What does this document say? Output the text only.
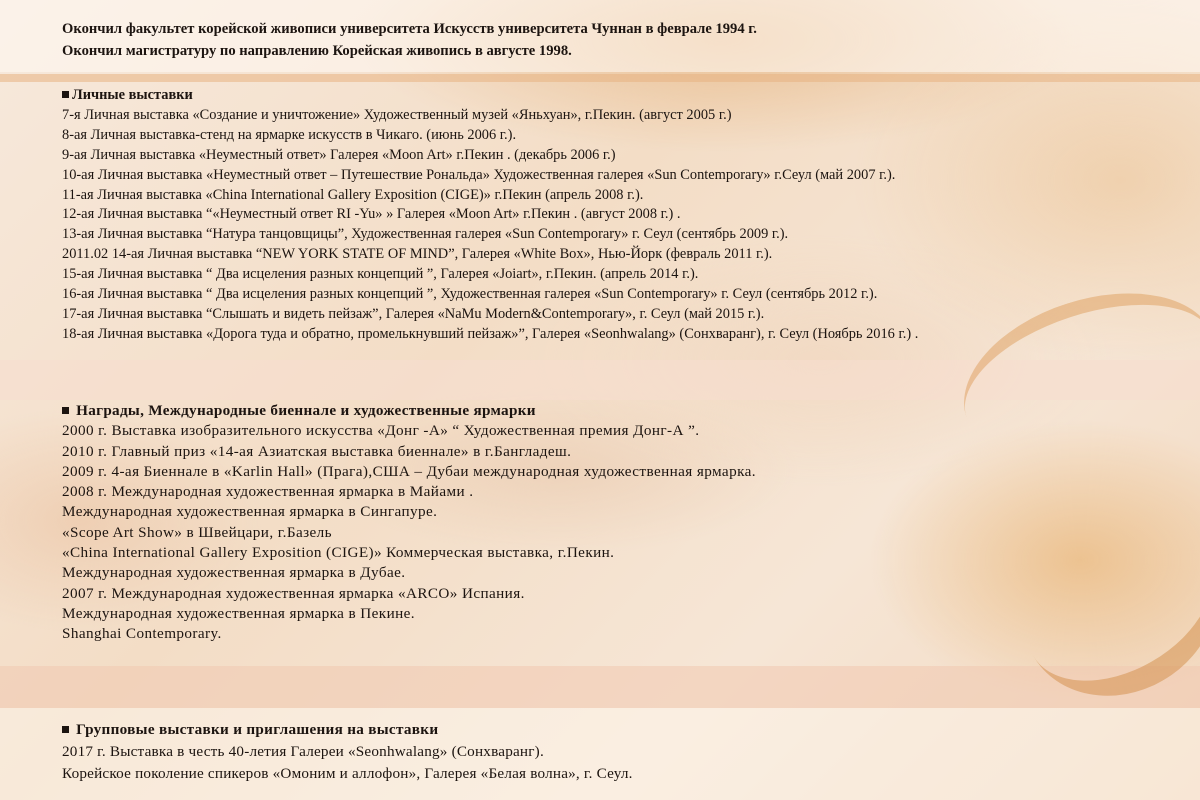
Окончил факультет корейской живописи университета Искусств университета Чуннан в феврале 1994 г.
Окончил магистратуру по направлению Корейская живопись в августе 1998.
Личные выставки
7-я Личная выставка «Создание и уничтожение» Художественный музей «Яньхуан», г.Пекин. (август 2005 г.)
8-ая Личная выставка-стенд на ярмарке искусств в Чикаго. (июнь 2006 г.).
9-ая Личная выставка «Неуместный ответ» Галерея «Moon Art» г.Пекин . (декабрь 2006 г.)
10-ая Личная выставка «Неуместный ответ – Путешествие Рональда» Художественная галерея «Sun Contemporary» г.Сеул (май 2007 г.).
11-ая Личная выставка «China International Gallery Exposition (CIGE)» г.Пекин (апрель 2008 г.).
12-ая Личная выставка “«Неуместный ответ RI -Yu» » Галерея «Moon Art» г.Пекин . (август 2008 г.) .
13-ая Личная выставка “Натура танцовщицы”, Художественная галерея «Sun Contemporary» г. Сеул (сентябрь 2009 г.).
2011.02 14-ая Личная выставка “NEW YORK STATE OF MIND”, Галерея «White Box», Нью-Йорк (февраль 2011 г.).
15-ая Личная выставка “ Два исцеления разных концепций ”, Галерея «Joiart», г.Пекин. (апрель 2014 г.).
16-ая Личная выставка “ Два исцеления разных концепций ”, Художественная галерея «Sun Contemporary» г. Сеул (сентябрь 2012 г.).
17-ая Личная выставка “Слышать и видеть пейзаж”, Галерея «NaMu Modern&Contemporary», г. Сеул (май 2015 г.).
18-ая Личная выставка «Дорога туда и обратно, промелькнувший пейзаж»”, Галерея «Seonhwalang» (Сонхваранг), г. Сеул (Ноябрь 2016 г.) .
Награды, Международные биеннале и художественные ярмарки
2000 г. Выставка изобразительного искусства «Донг -А» “ Художественная премия Донг-А ”.
2010 г. Главный приз «14-ая Азиатская выставка биеннале» в г.Бангладеш.
2009 г. 4-ая Биеннале в «Karlin Hall» (Прага),США – Дубаи международная художественная ярмарка.
2008 г. Международная художественная ярмарка в Майами .
Международная художественная ярмарка в Сингапуре.
«Scope Art Show» в Швейцари, г.Базель
«China International Gallery Exposition (CIGE)» Коммерческая выставка, г.Пекин.
Международная художественная ярмарка в Дубае.
2007 г. Международная художественная ярмарка «ARCO» Испания.
Международная художественная ярмарка в Пекине.
Shanghai Contemporary.
Групповые выставки и приглашения на выставки
2017 г. Выставка в честь 40-летия Галереи «Seonhwalang» (Сонхваранг).
Корейское поколение спикеров «Омоним и аллофон», Галерея «Белая волна», г. Сеул.
